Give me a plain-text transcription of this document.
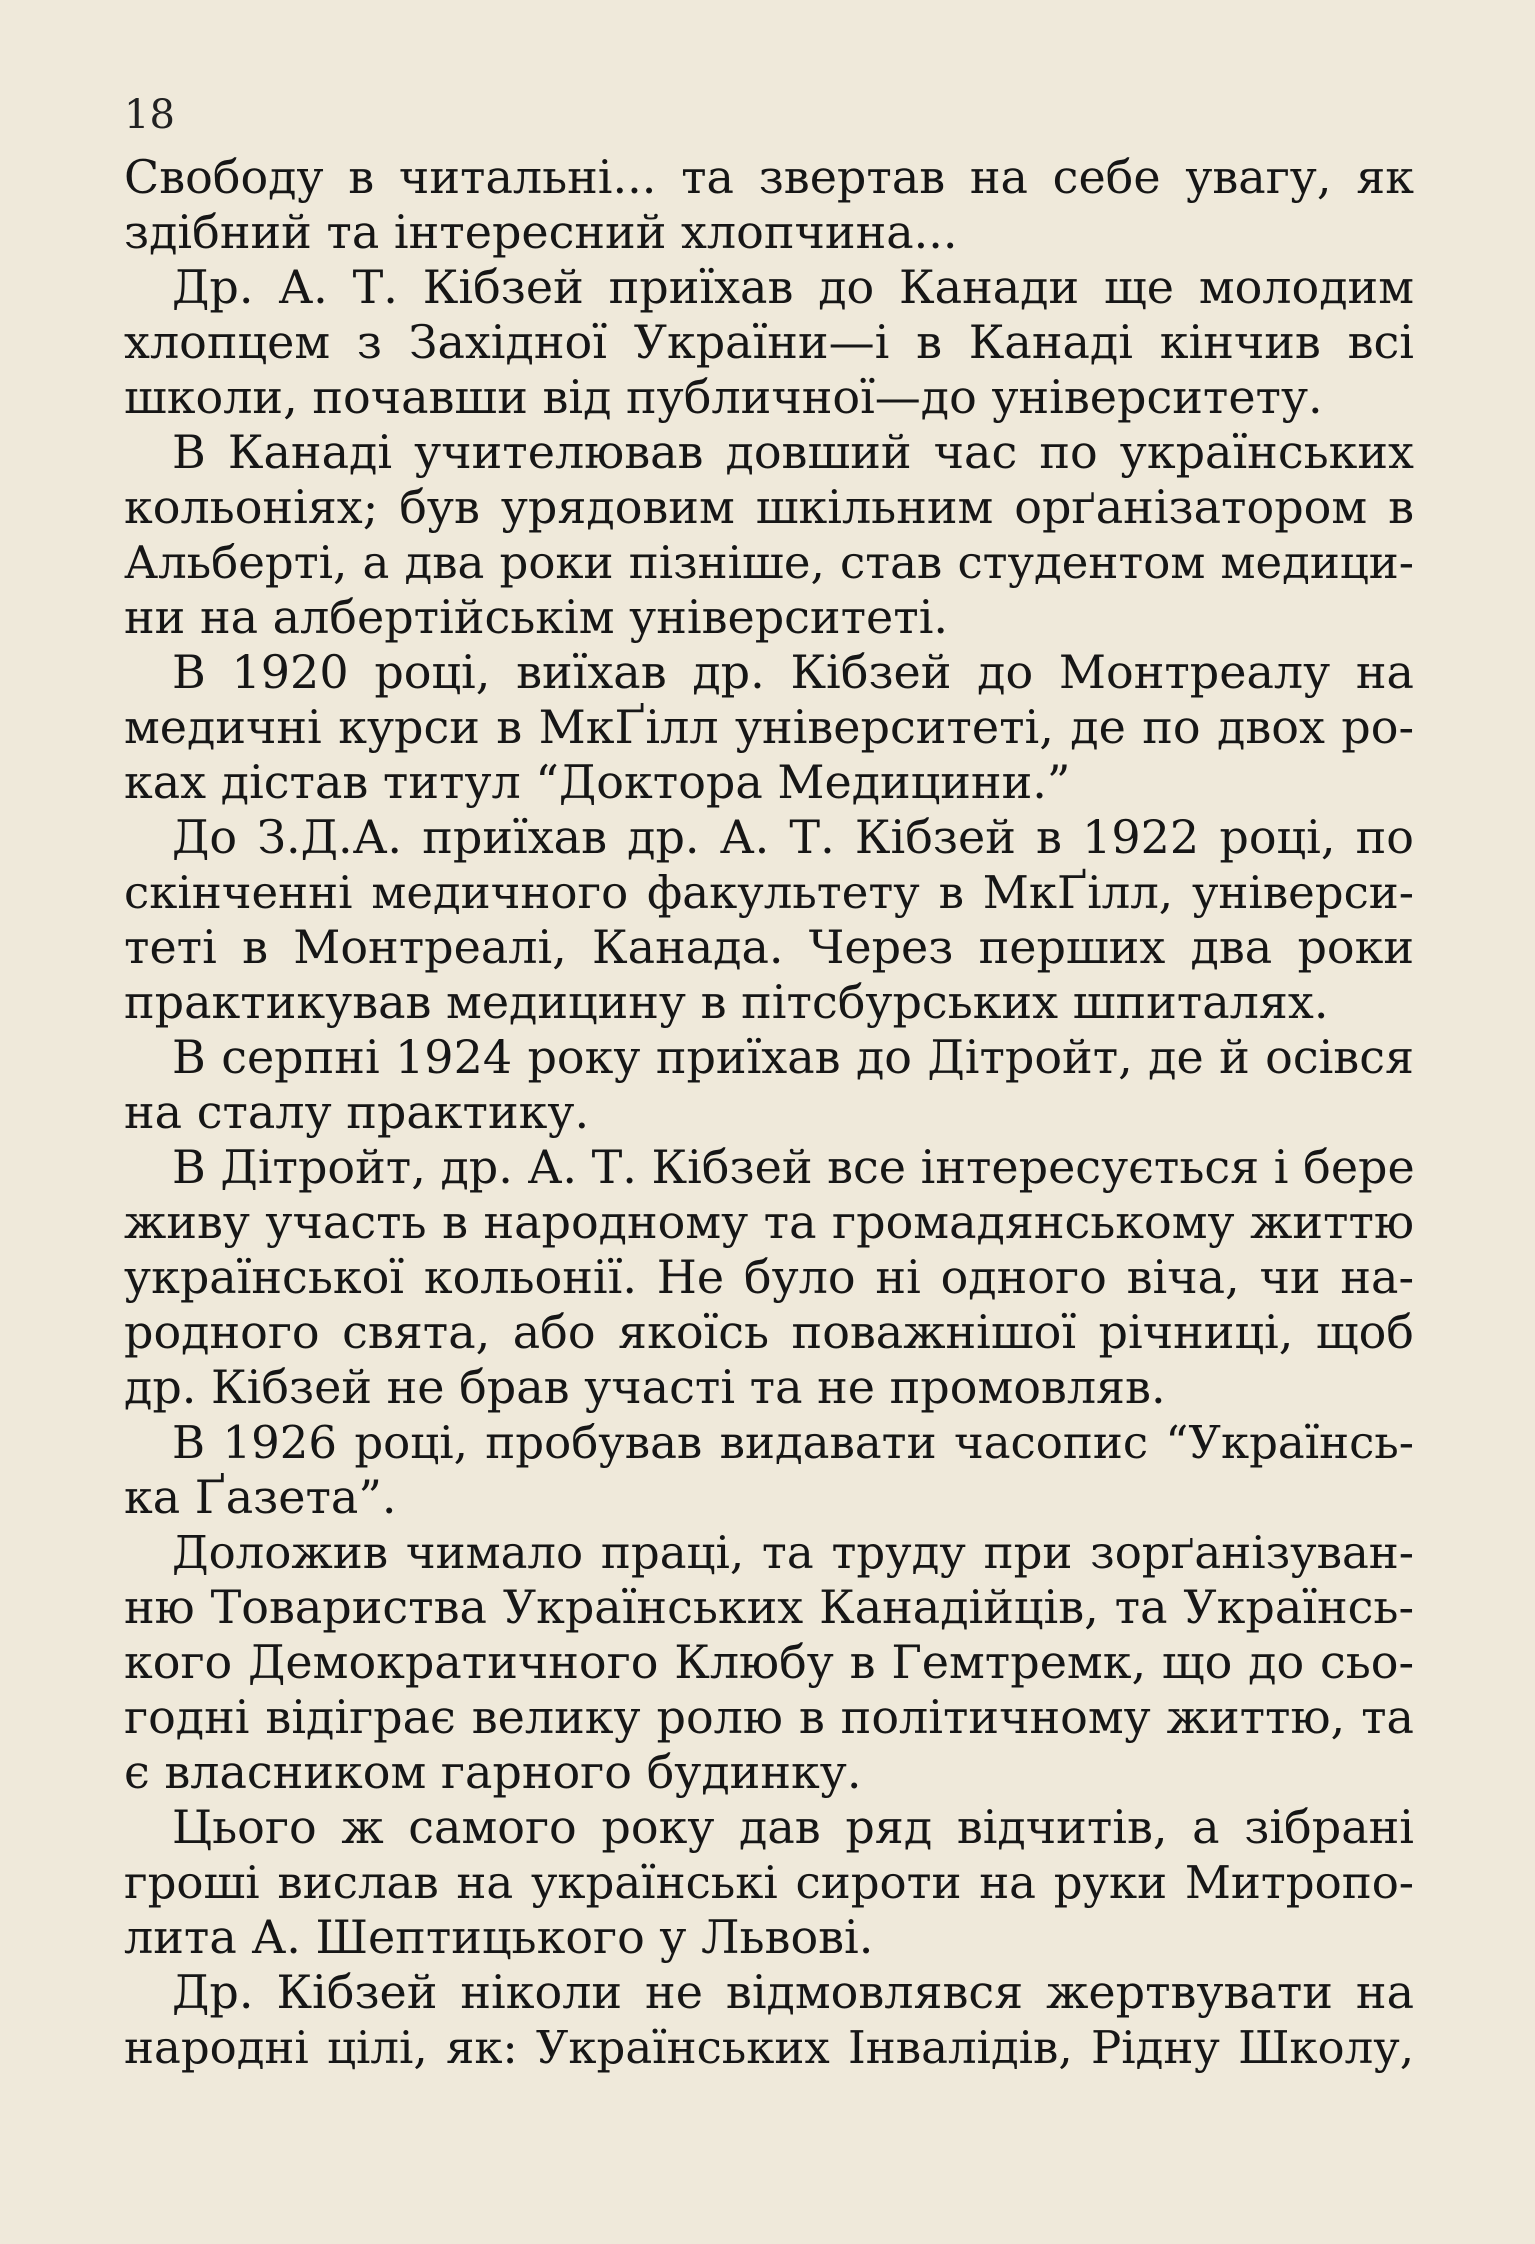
18
Свободу в читальні... та звертав на себе увагу, як
здібний та інтересний хлопчина...
Др. А. Т. Кібзей приїхав до Канади ще молодим
хлопцем з Західної України—і в Канаді кінчив всі
школи, почавши від публичної—до університету.
В Канаді учителював довший час по українських
кольоніях; був урядовим шкільним орґанізатором в
Альберті, а два роки пізніше, став студентом медици-
ни на албертійськім університеті.
В 1920 році, виїхав др. Кібзей до Монтреалу на
медичні курси в МкҐілл університеті, де по двох ро-
ках дістав титул “Доктора Медицини.”
До З.Д.А. приїхав др. А. Т. Кібзей в 1922 році, по
скінченні медичного факультету в МкҐілл, універси-
теті в Монтреалі, Канада. Через перших два роки
практикував медицину в пітсбурських шпиталях.
В серпні 1924 року приїхав до Дітройт, де й осівся
на сталу практику.
В Дітройт, др. А. Т. Кібзей все інтересується і бере
живу участь в народному та громадянському життю
української кольонії. Не було ні одного віча, чи на-
родного свята, або якоїсь поважнішої річниці, щоб
др. Кібзей не брав участі та не промовляв.
В 1926 році, пробував видавати часопис “Українсь-
ка Ґазета”.
Доложив чимало праці, та труду при зорґанізуван-
ню Товариства Українських Канадійців, та Українсь-
кого Демократичного Клюбу в Гемтремк, що до сьо-
годні відіграє велику ролю в політичному життю, та
є власником гарного будинку.
Цього ж самого року дав ряд відчитів, а зібрані
гроші вислав на українські сироти на руки Митропо-
лита А. Шептицького у Львові.
Др. Кібзей ніколи не відмовлявся жертвувати на
народні цілі, як: Українських Інвалідів, Рідну Школу,
